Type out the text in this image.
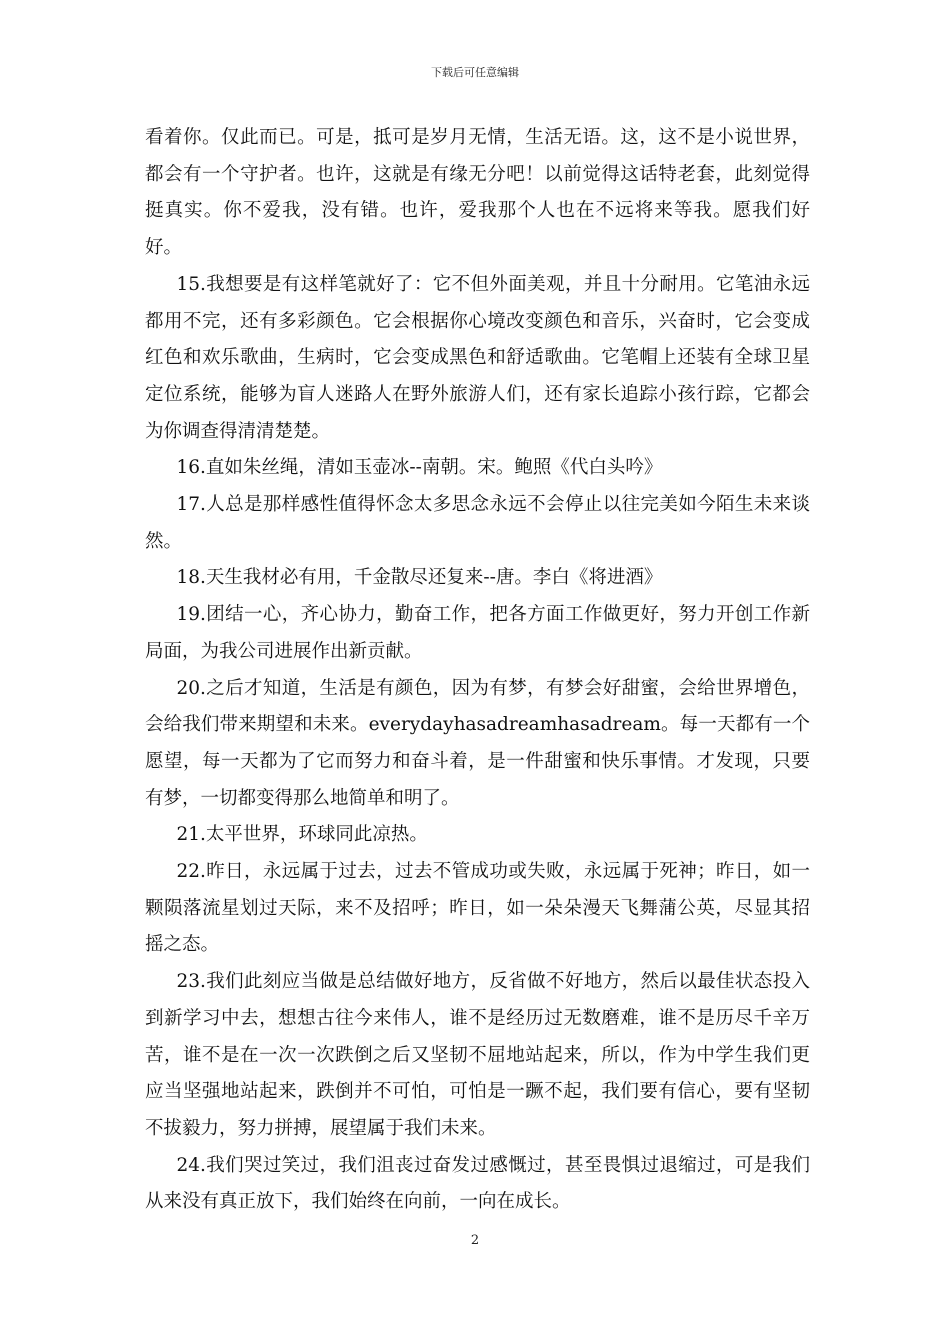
下载后可任意编辑

看着你。仅此而已。可是，抵可是岁月无情，生活无语。这，这不是小说世界，都会有一个守护者。也许，这就是有缘无分吧！以前觉得这话特老套，此刻觉得挺真实。你不爱我，没有错。也许，爱我那个人也在不远将来等我。愿我们好好。

15.我想要是有这样笔就好了：它不但外面美观，并且十分耐用。它笔油永远都用不完，还有多彩颜色。它会根据你心境改变颜色和音乐，兴奋时，它会变成红色和欢乐歌曲，生病时，它会变成黑色和舒适歌曲。它笔帽上还装有全球卫星定位系统，能够为盲人迷路人在野外旅游人们，还有家长追踪小孩行踪，它都会为你调查得清清楚楚。

16.直如朱丝绳，清如玉壶冰--南朝。宋。鲍照《代白头吟》

17.人总是那样感性值得怀念太多思念永远不会停止以往完美如今陌生未来谈然。

18.天生我材必有用，千金散尽还复来--唐。李白《将进酒》

19.团结一心，齐心协力，勤奋工作，把各方面工作做更好，努力开创工作新局面，为我公司进展作出新贡献。

20.之后才知道，生活是有颜色，因为有梦，有梦会好甜蜜，会给世界增色，会给我们带来期望和未来。everydayhasadreamhasadream。每一天都有一个愿望，每一天都为了它而努力和奋斗着，是一件甜蜜和快乐事情。才发现，只要有梦，一切都变得那么地简单和明了。

21.太平世界，环球同此凉热。

22.昨日，永远属于过去，过去不管成功或失败，永远属于死神；昨日，如一颗陨落流星划过天际，来不及招呼；昨日，如一朵朵漫天飞舞蒲公英，尽显其招摇之态。

23.我们此刻应当做是总结做好地方，反省做不好地方，然后以最佳状态投入到新学习中去，想想古往今来伟人，谁不是经历过无数磨难，谁不是历尽千辛万苦，谁不是在一次一次跌倒之后又坚韧不屈地站起来，所以，作为中学生我们更应当坚强地站起来，跌倒并不可怕，可怕是一蹶不起，我们要有信心，要有坚韧不拔毅力，努力拼搏，展望属于我们未来。

24.我们哭过笑过，我们沮丧过奋发过感慨过，甚至畏惧过退缩过，可是我们从来没有真正放下，我们始终在向前，一向在成长。

2
